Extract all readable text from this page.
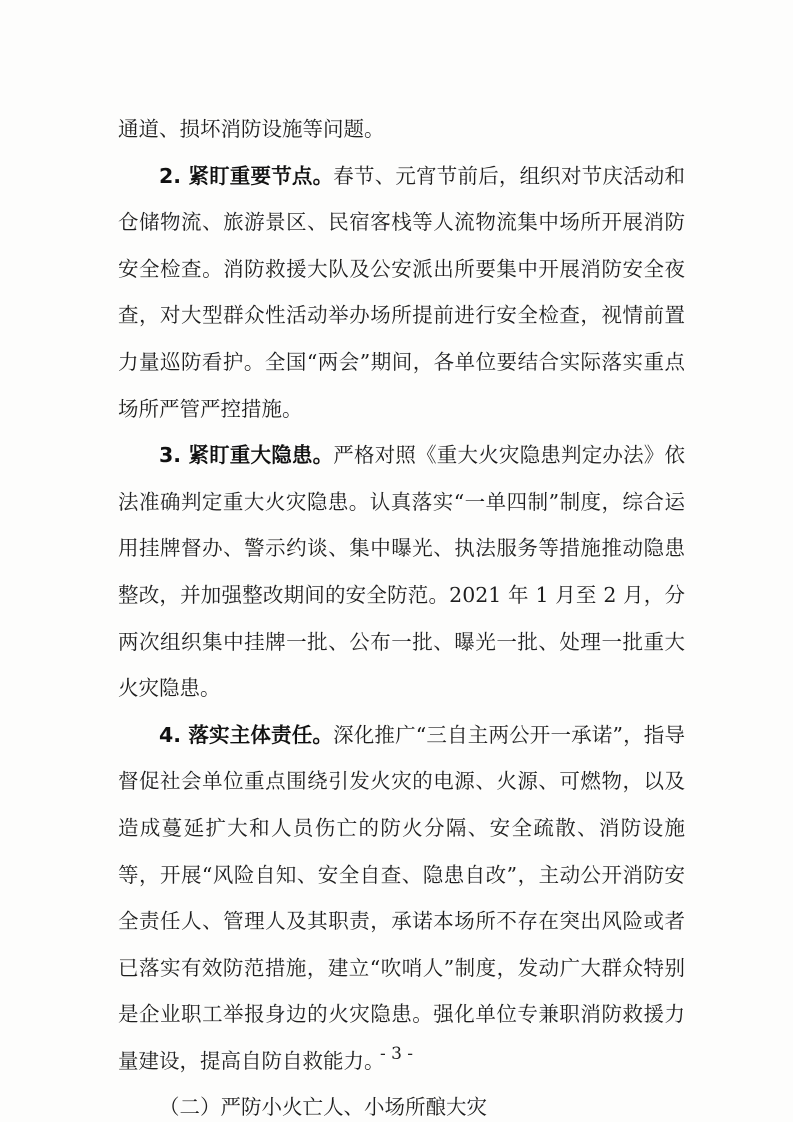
通道、损坏消防设施等问题。

2. 紧盯重要节点。春节、元宵节前后，组织对节庆活动和仓储物流、旅游景区、民宿客栈等人流物流集中场所开展消防安全检查。消防救援大队及公安派出所要集中开展消防安全夜查，对大型群众性活动举办场所提前进行安全检查，视情前置力量巡防看护。全国“两会”期间，各单位要结合实际落实重点场所严管严控措施。

3. 紧盯重大隐患。严格对照《重大火灾隐患判定办法》依法准确判定重大火灾隐患。认真落实“一单四制”制度，综合运用挂牌督办、警示约谈、集中曝光、执法服务等措施推动隐患整改，并加强整改期间的安全防范。2021 年 1 月至 2 月，分两次组织集中挂牌一批、公布一批、曝光一批、处理一批重大火灾隐患。

4. 落实主体责任。深化推广“三自主两公开一承诺”，指导督促社会单位重点围绕引发火灾的电源、火源、可燃物，以及造成蔓延扩大和人员伤亡的防火分隔、安全疏散、消防设施等，开展“风险自知、安全自查、隐患自改”，主动公开消防安全责任人、管理人及其职责，承诺本场所不存在突出风险或者已落实有效防范措施，建立“吹哨人”制度，发动广大群众特别是企业职工举报身边的火灾隐患。强化单位专兼职消防救援力量建设，提高自防自救能力。

（二）严防小火亡人、小场所酿大灾

- 3 -
